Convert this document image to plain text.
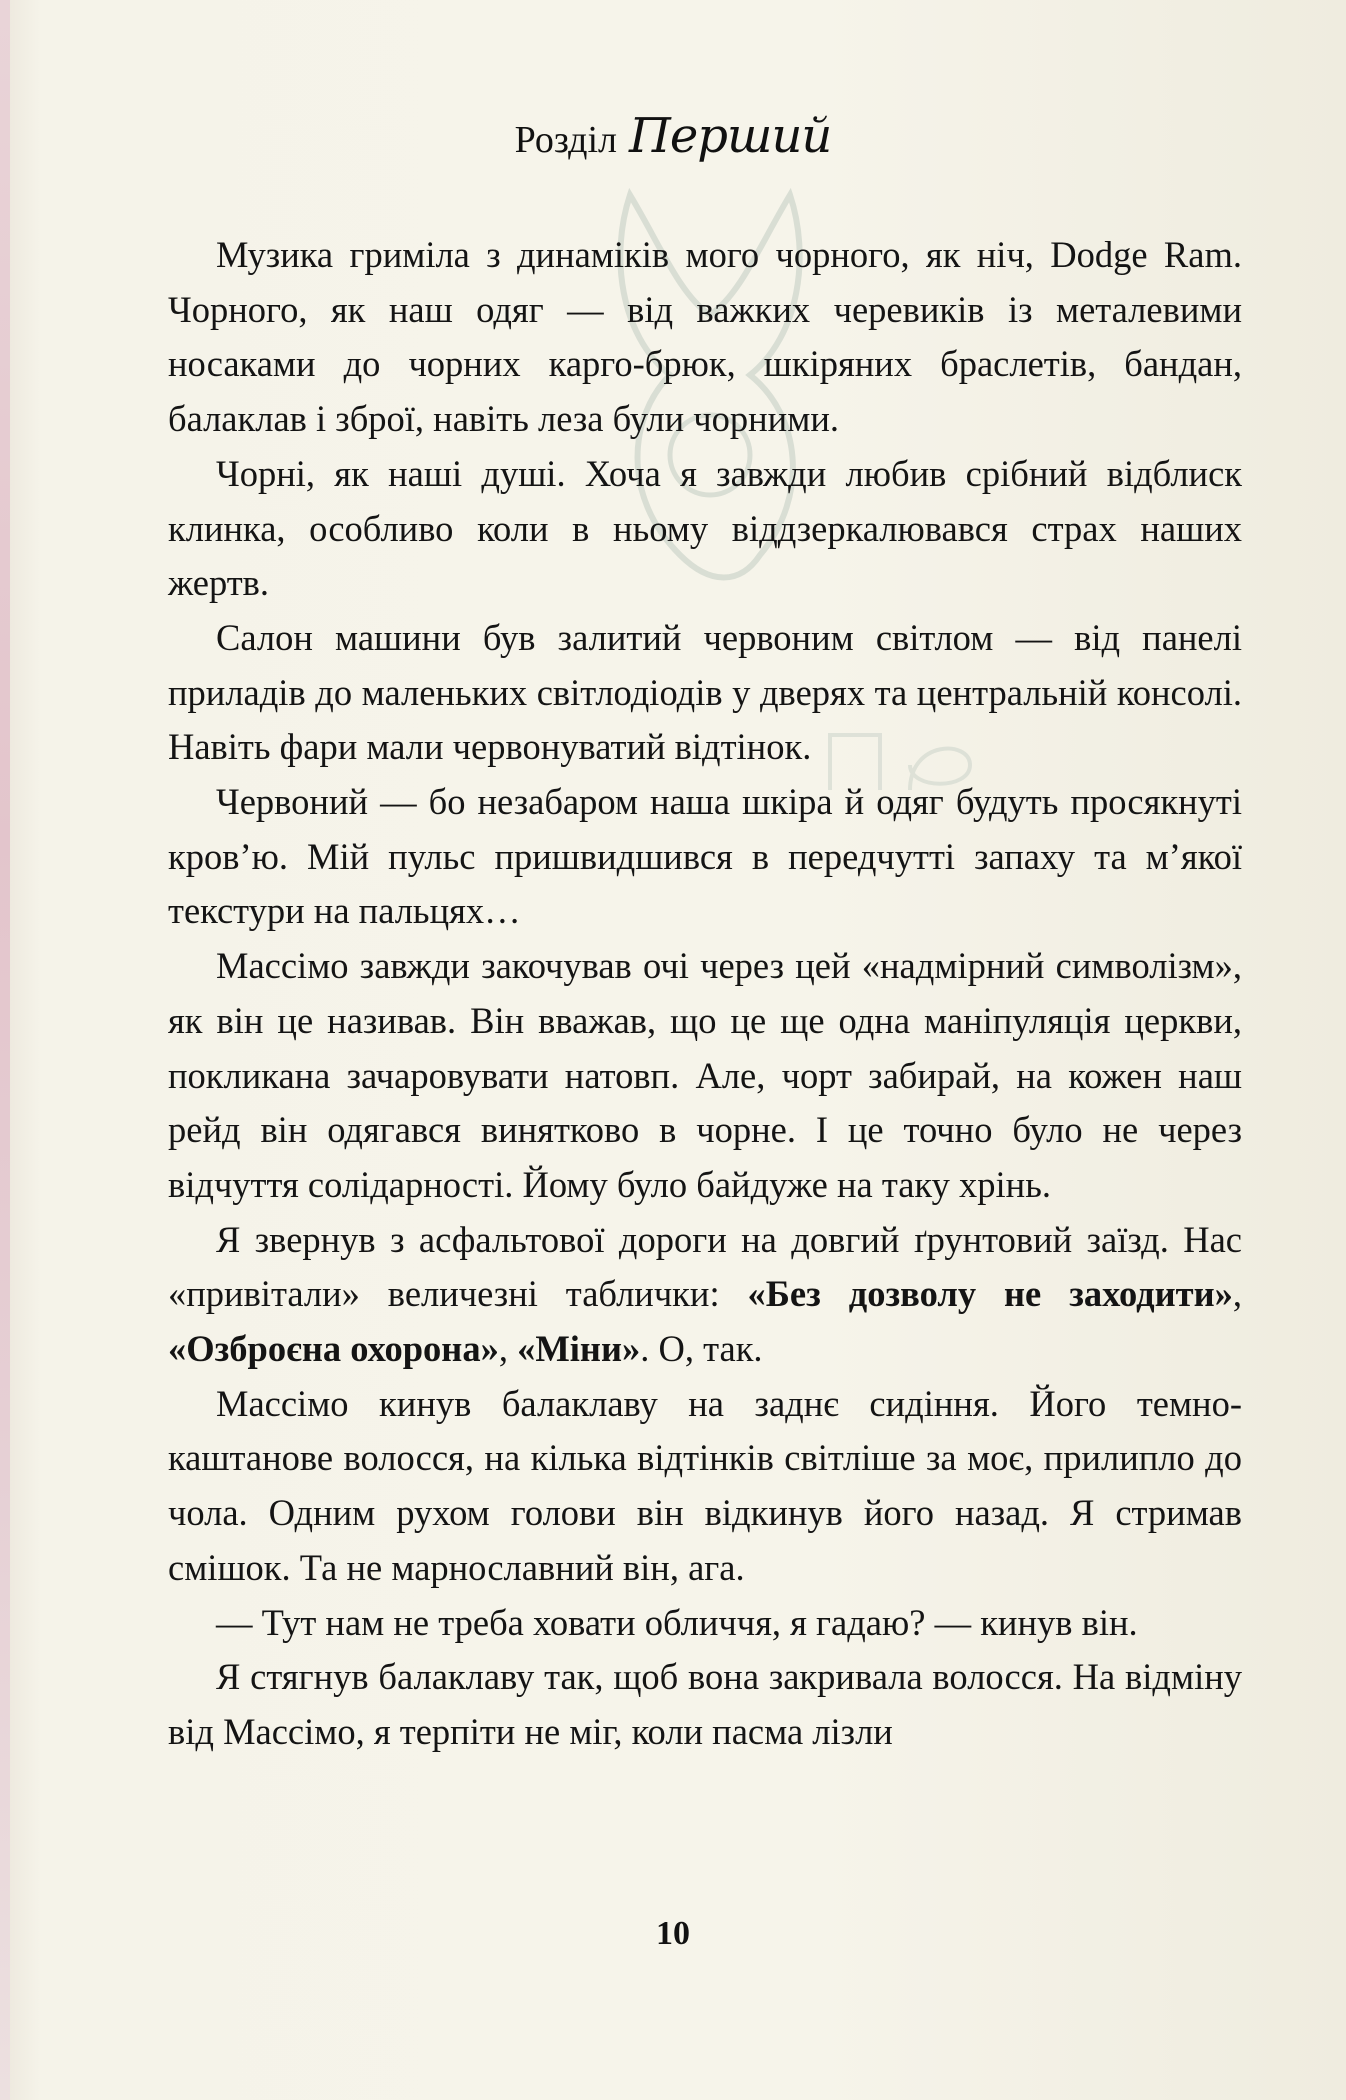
Розділ Перший

Музика гриміла з динаміків мого чорного, як ніч, Dodge Ram. Чорного, як наш одяг — від важких черевиків із металевими носаками до чорних карго-брюк, шкіряних браслетів, бандан, балаклав і зброї, навіть леза були чорними.

Чорні, як наші душі. Хоча я завжди любив срібний відблиск клинка, особливо коли в ньому віддзеркалювався страх наших жертв.

Салон машини був залитий червоним світлом — від панелі приладів до маленьких світлодіодів у дверях та центральній консолі. Навіть фари мали червонуватий відтінок.

Червоний — бо незабаром наша шкіра й одяг будуть просякнуті кров’ю. Мій пульс пришвидшився в передчутті запаху та м’якої текстури на пальцях…

Массімо завжди закочував очі через цей «надмірний символізм», як він це називав. Він вважав, що це ще одна маніпуляція церкви, покликана зачаровувати натовп. Але, чорт забирай, на кожен наш рейд він одягався винятково в чорне. І це точно було не через відчуття солідарності. Йому було байдуже на таку хрінь.

Я звернув з асфальтової дороги на довгий ґрунтовий заїзд. Нас «привітали» величезні таблички: «Без дозволу не заходити», «Озброєна охорона», «Міни». О, так.

Массімо кинув балаклаву на заднє сидіння. Його темно-каштанове волосся, на кілька відтінків світліше за моє, прилипло до чола. Одним рухом голови він відкинув його назад. Я стримав смішок. Та не марнославний він, ага.

— Тут нам не треба ховати обличчя, я гадаю? — кинув він.

Я стягнув балаклаву так, щоб вона закривала волосся. На відміну від Массімо, я терпіти не міг, коли пасма лізли

10
